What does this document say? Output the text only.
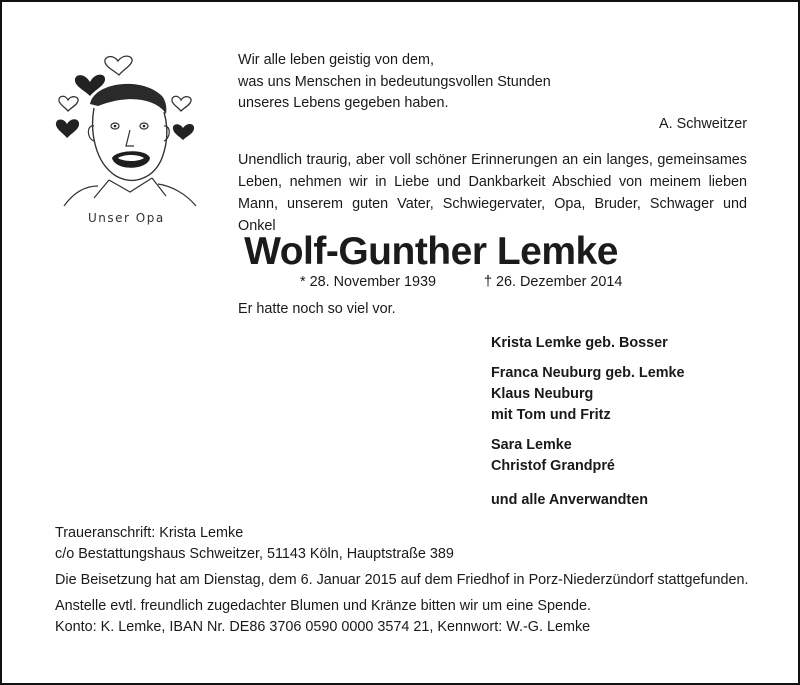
Unser Opa
Wir alle leben geistig von dem,
was uns Menschen in bedeutungsvollen Stunden
unseres Lebens gegeben haben.
A. Schweitzer
Unendlich traurig, aber voll schöner Erinnerungen an ein langes, gemeinsames
Leben, nehmen wir in Liebe und Dankbarkeit Abschied von meinem lieben
Mann, unserem guten Vater, Schwiegervater, Opa, Bruder, Schwager und Onkel
Wolf-Gunther Lemke
* 28. November 1939	† 26. Dezember 2014
Er hatte noch so viel vor.
Krista Lemke geb. Bosser
Franca Neuburg geb. Lemke
Klaus Neuburg
mit Tom und Fritz
Sara Lemke
Christof Grandpré
und alle Anverwandten
Traueranschrift: Krista Lemke
c/o Bestattungshaus Schweitzer, 51143 Köln, Hauptstraße 389
Die Beisetzung hat am Dienstag, dem 6. Januar 2015 auf dem Friedhof in Porz-Niederzündorf stattgefunden.
Anstelle evtl. freundlich zugedachter Blumen und Kränze bitten wir um eine Spende.
Konto: K. Lemke, IBAN Nr. DE86 3706 0590 0000 3574 21, Kennwort: W.-G. Lemke
